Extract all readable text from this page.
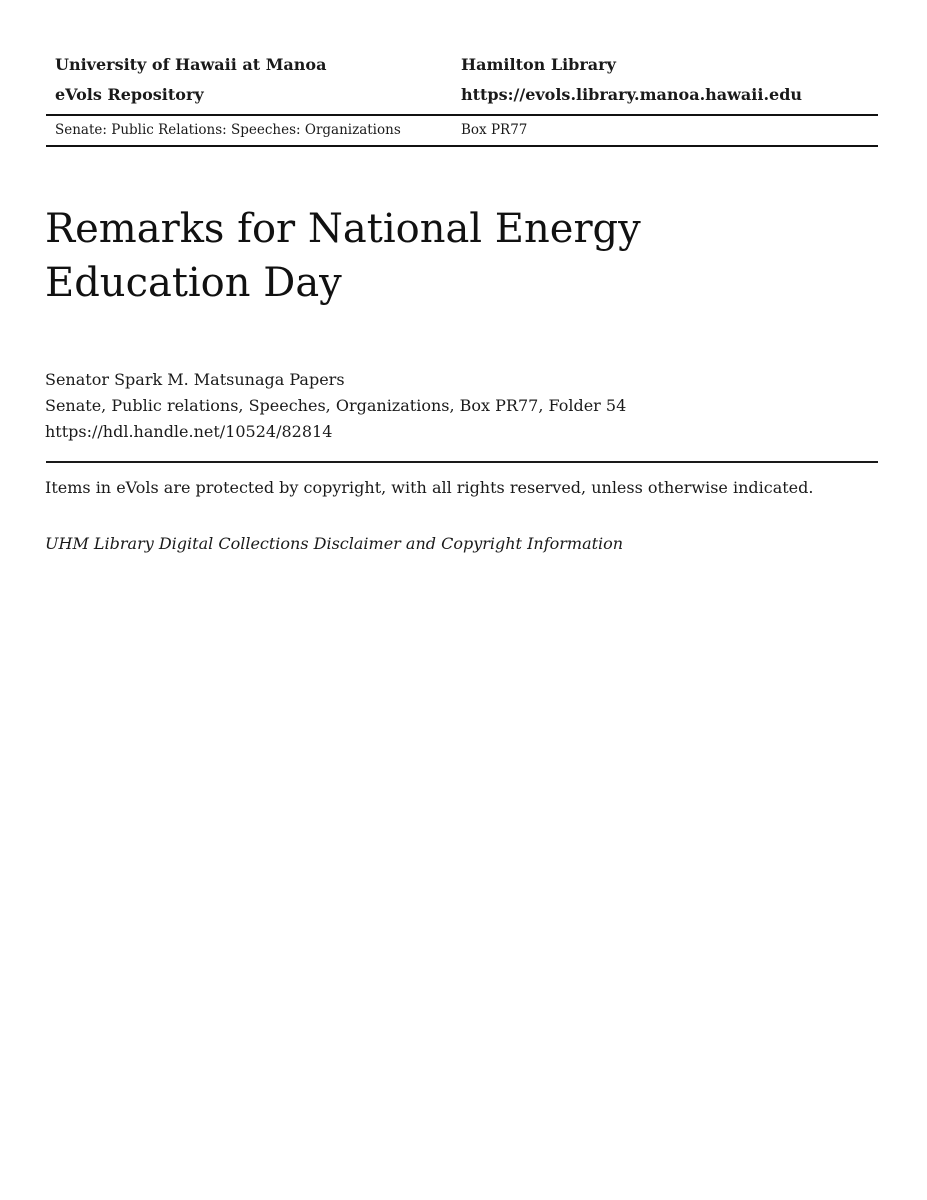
University of Hawaii at Manoa
eVols Repository
Hamilton Library
https://evols.library.manoa.hawaii.edu
Senate: Public Relations: Speeches: Organizations	Box PR77
Remarks for National Energy
Education Day
Senator Spark M. Matsunaga Papers
Senate, Public relations, Speeches, Organizations, Box PR77, Folder 54
https://hdl.handle.net/10524/82814
Items in eVols are protected by copyright, with all rights reserved, unless otherwise indicated.
UHM Library Digital Collections Disclaimer and Copyright Information
